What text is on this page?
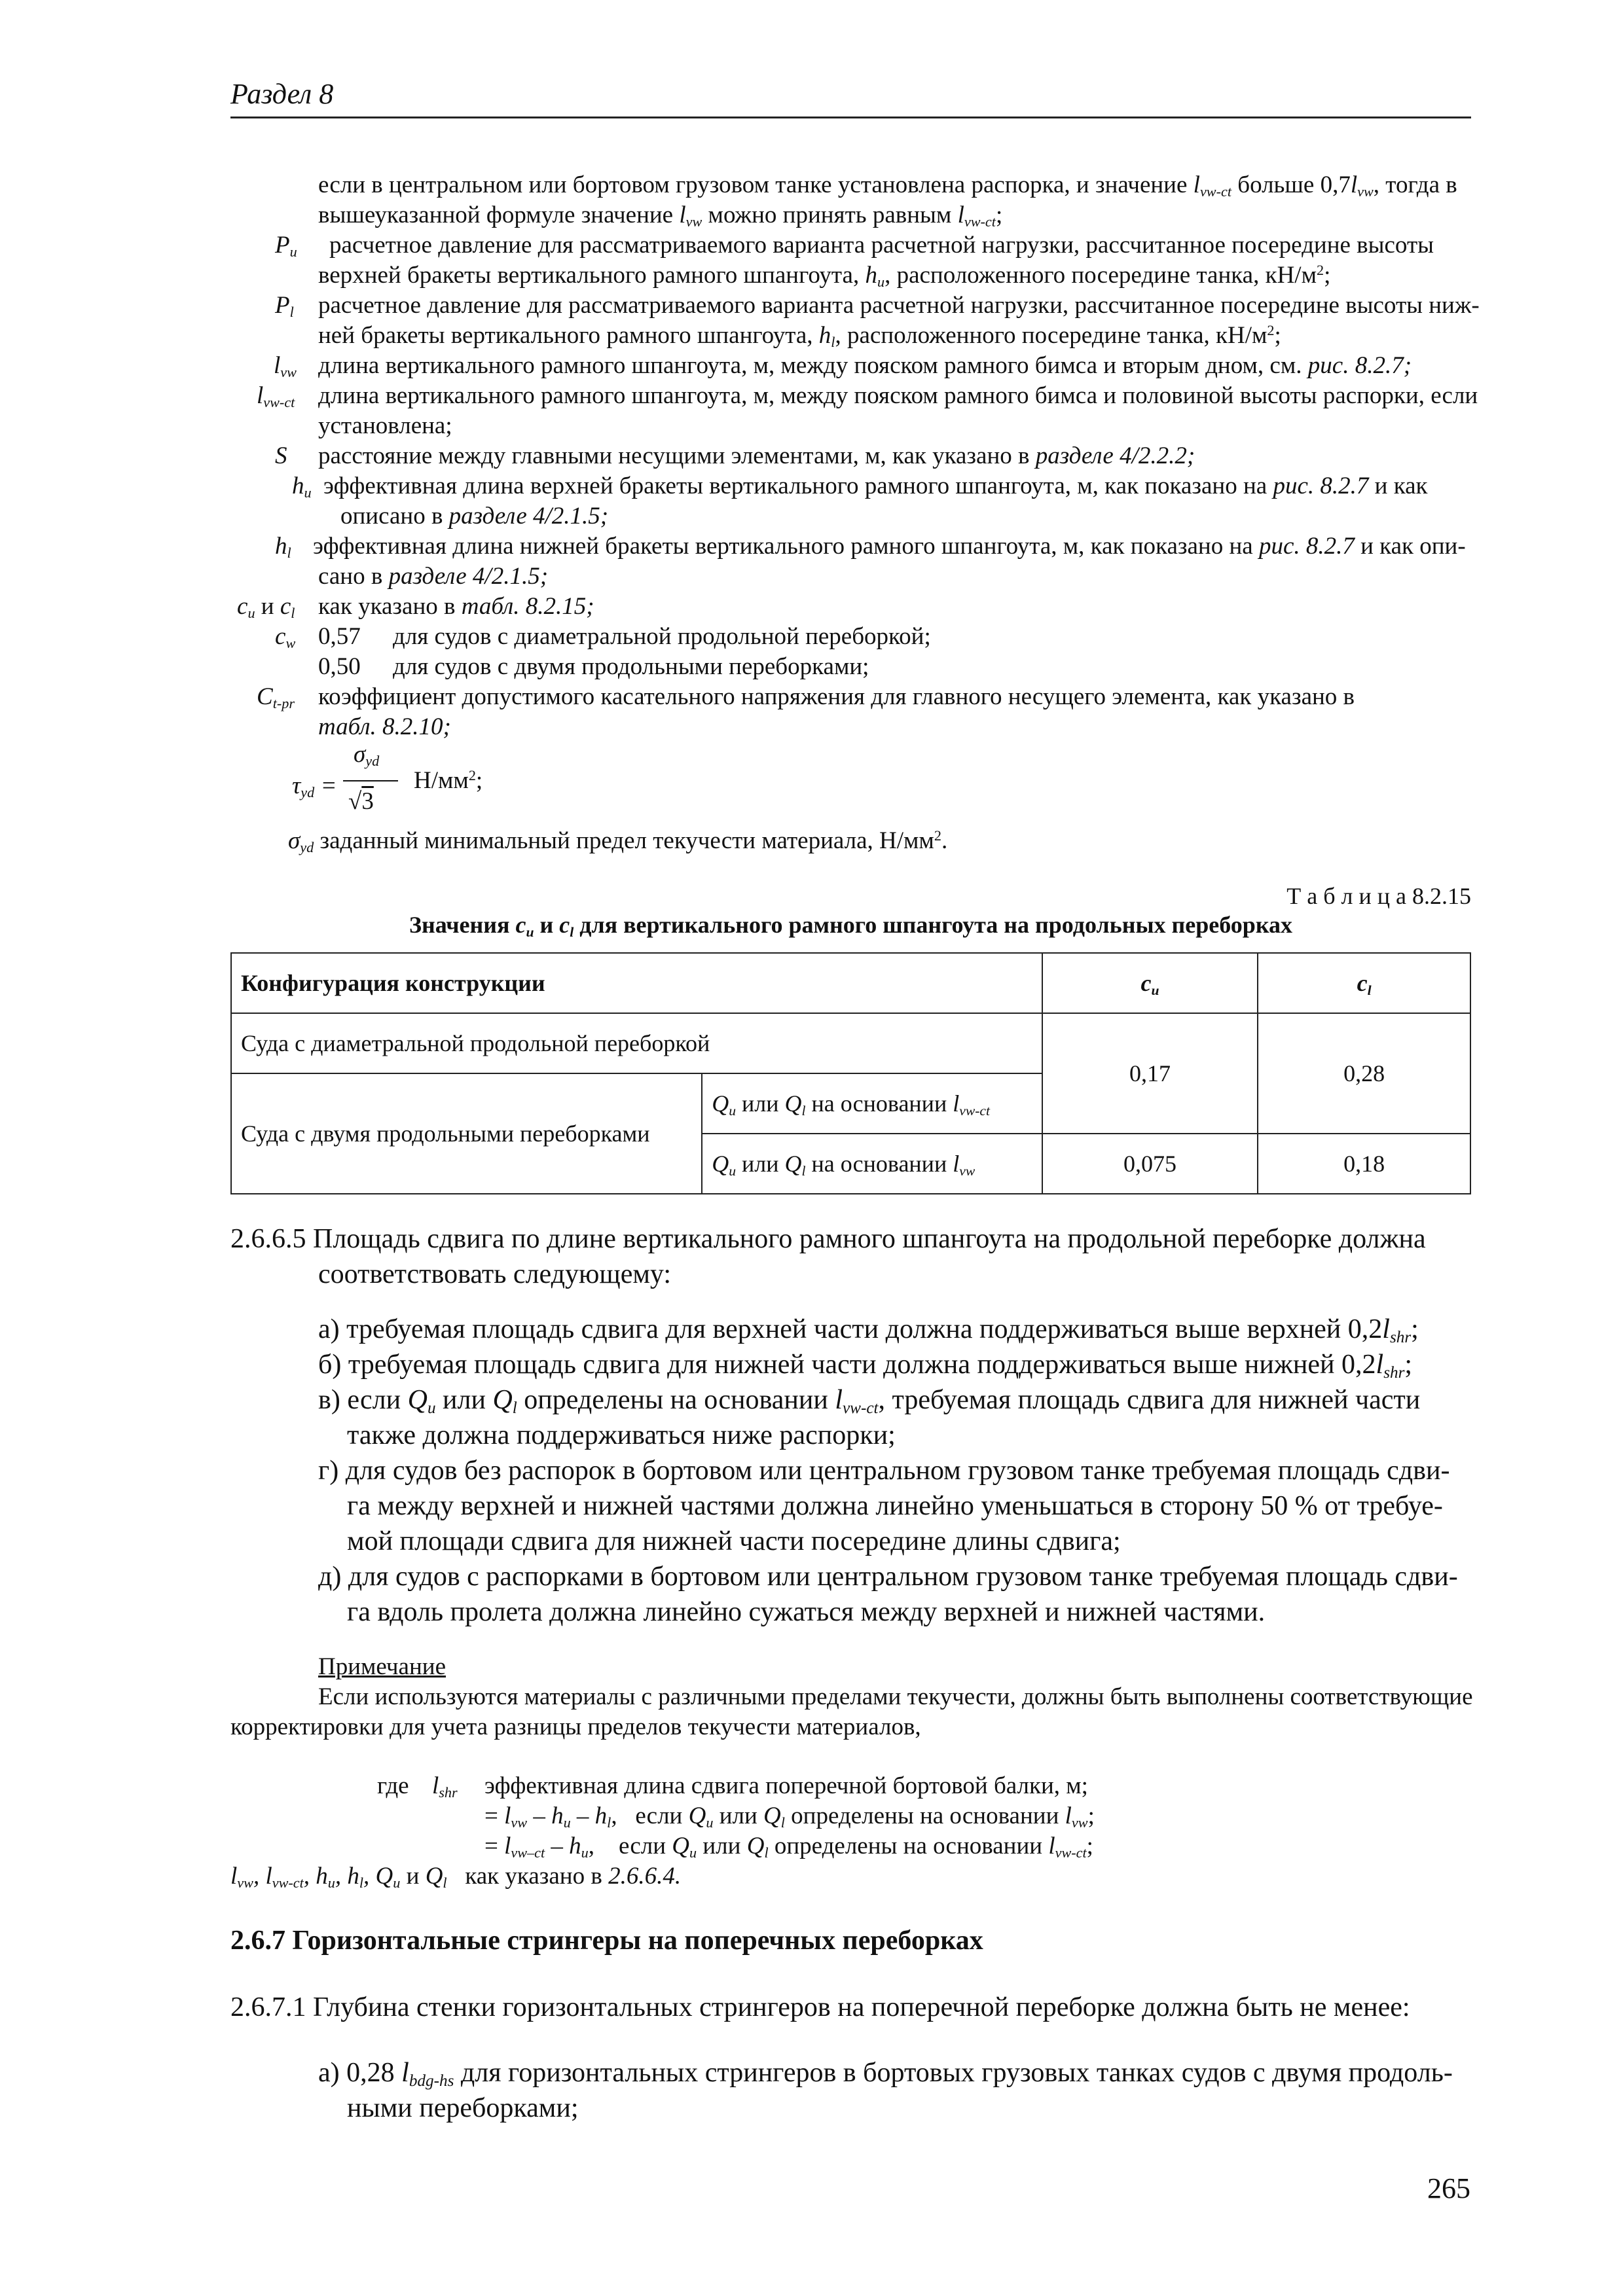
Раздел 8
если в центральном или бортовом грузовом танке установлена распорка, и значение $l_{vw-ct}$ больше $0,7l_{vw}$, тогда в
вышеуказанной формуле значение $l_{vw}$ можно принять равным $l_{vw-ct}$;
$P_u$ расчетное давление для рассматриваемого варианта расчетной нагрузки, рассчитанное посередине высоты
верхней бракеты вертикального рамного шпангоута, $h_u$, расположенного посередине танка, $кН/м^2$;
$P_l$ расчетное давление для рассматриваемого варианта расчетной нагрузки, рассчитанное посередине высоты ниж-
ней бракеты вертикального рамного шпангоута, $h_l$, расположенного посередине танка, $кН/м^2$;
$l_{vw}$ длина вертикального рамного шпангоута, м, между пояском рамного бимса и вторым дном, см. рис. 8.2.7;
$l_{vw-ct}$ длина вертикального рамного шпангоута, м, между пояском рамного бимса и половиной высоты распорки, если
установлена;
S расстояние между главными несущими элементами, м, как указано в разделе 4/2.2.2;
$h_u$ эффективная длина верхней бракеты вертикального рамного шпангоута, м, как показано на рис. 8.2.7 и как
описано в разделе 4/2.1.5;
$h_l$ эффективная длина нижней бракеты вертикального рамного шпангоута, м, как показано на рис. 8.2.7 и как опи-
сано в разделе 4/2.1.5;
$c_u$ и $c_l$ как указано в табл. 8.2.15;
$c_w$ 0,57 для судов с диаметральной продольной переборкой;
0,50 для судов с двумя продольными переборками;
$C_{t-pr}$ коэффициент допустимого касательного напряжения для главного несущего элемента, как указано в
табл. 8.2.10;
$\tau_{yd}$ =
$\sigma_{yd}$
√3
$Н/мм^2$;
$\sigma_{yd}$ заданный минимальный предел текучести материала, $Н/мм^2$.
Т а б л и ц а 8.2.15
Значения $c_u$ и $c_l$ для вертикального рамного шпангоута на продольных переборках
Конфигурация конструкции		$c_u$	$c_l$
Суда с диаметральной продольной переборкой		0,17	0,28
Суда с двумя продольными переборками	$Q_u$ или $Q_l$ на основании $l_{vw-ct}$
	$Q_u$ или $Q_l$ на основании $l_{vw}$	0,075	0,18
2.6.6.5 Площадь сдвига по длине вертикального рамного шпангоута на продольной переборке должна
соответствовать следующему:
а) требуемая площадь сдвига для верхней части должна поддерживаться выше верхней $0,2l_{shr}$;
б) требуемая площадь сдвига для нижней части должна поддерживаться выше нижней $0,2l_{shr}$;
в) если $Q_u$ или $Q_l$ определены на основании $l_{vw-ct}$, требуемая площадь сдвига для нижней части
также должна поддерживаться ниже распорки;
г) для судов без распорок в бортовом или центральном грузовом танке требуемая площадь сдви-
га между верхней и нижней частями должна линейно уменьшаться в сторону 50 % от требуе-
мой площади сдвига для нижней части посередине длины сдвига;
д) для судов с распорками в бортовом или центральном грузовом танке требуемая площадь сдви-
га вдоль пролета должна линейно сужаться между верхней и нижней частями.
Примечание
Если используются материалы с различными пределами текучести, должны быть выполнены соответствующие
корректировки для учета разницы пределов текучести материалов,
где $l_{shr}$ эффективная длина сдвига поперечной бортовой балки, м;
= $l_{vw} - h_u - h_l$,   если $Q_u$ или $Q_l$ определены на основании $l_{vw}$;
= $l_{vw-ct} - h_u$,    если $Q_u$ или $Q_l$ определены на основании $l_{vw-ct}$;
$l_{vw}$, $l_{vw-ct}$, $h_u$, $h_l$, $Q_u$ и $Q_l$ как указано в 2.6.6.4.
2.6.7 Горизонтальные стрингеры на поперечных переборках
2.6.7.1 Глубина стенки горизонтальных стрингеров на поперечной переборке должна быть не менее:
а) 0,28 $l_{bdg-hs}$ для горизонтальных стрингеров в бортовых грузовых танках судов с двумя продоль-
ными переборками;
265
